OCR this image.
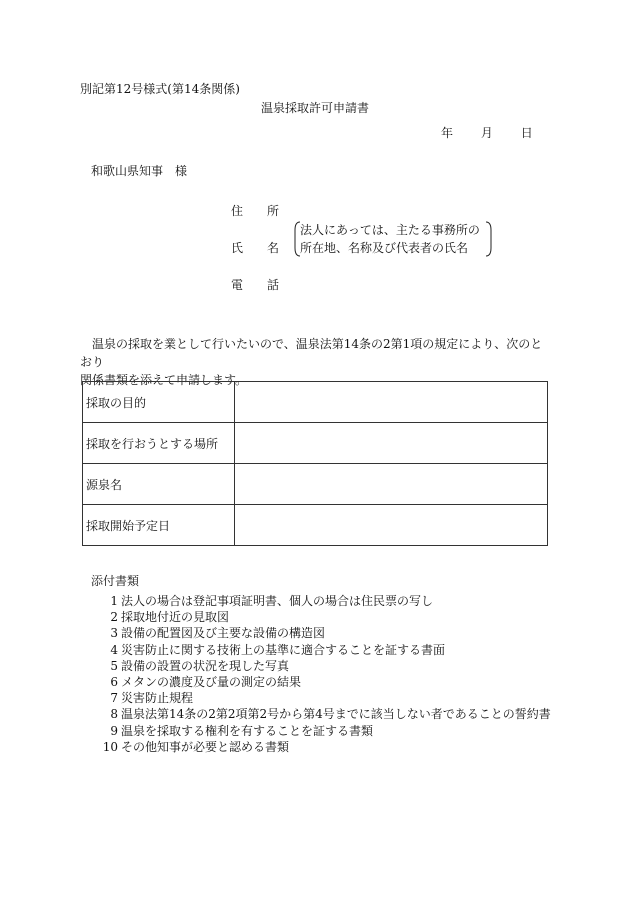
別記第12号様式(第14条関係)
温泉採取許可申請書
年 月 日
和歌山県知事　様
住　　所
氏　　名
電　　話
法人にあっては、主たる事務所の
所在地、名称及び代表者の氏名
温泉の採取を業として行いたいので、温泉法第14条の2第1項の規定により、次のとおり
関係書類を添えて申請します。
採取の目的	
採取を行おうとする場所	
源泉名	
採取開始予定日	
添付書類
1 法人の場合は登記事項証明書、個人の場合は住民票の写し
2 採取地付近の見取図
3 設備の配置図及び主要な設備の構造図
4 災害防止に関する技術上の基準に適合することを証する書面
5 設備の設置の状況を現した写真
6 メタンの濃度及び量の測定の結果
7 災害防止規程
8 温泉法第14条の2第2項第2号から第4号までに該当しない者であることの誓約書
9 温泉を採取する権利を有することを証する書類
10 その他知事が必要と認める書類
